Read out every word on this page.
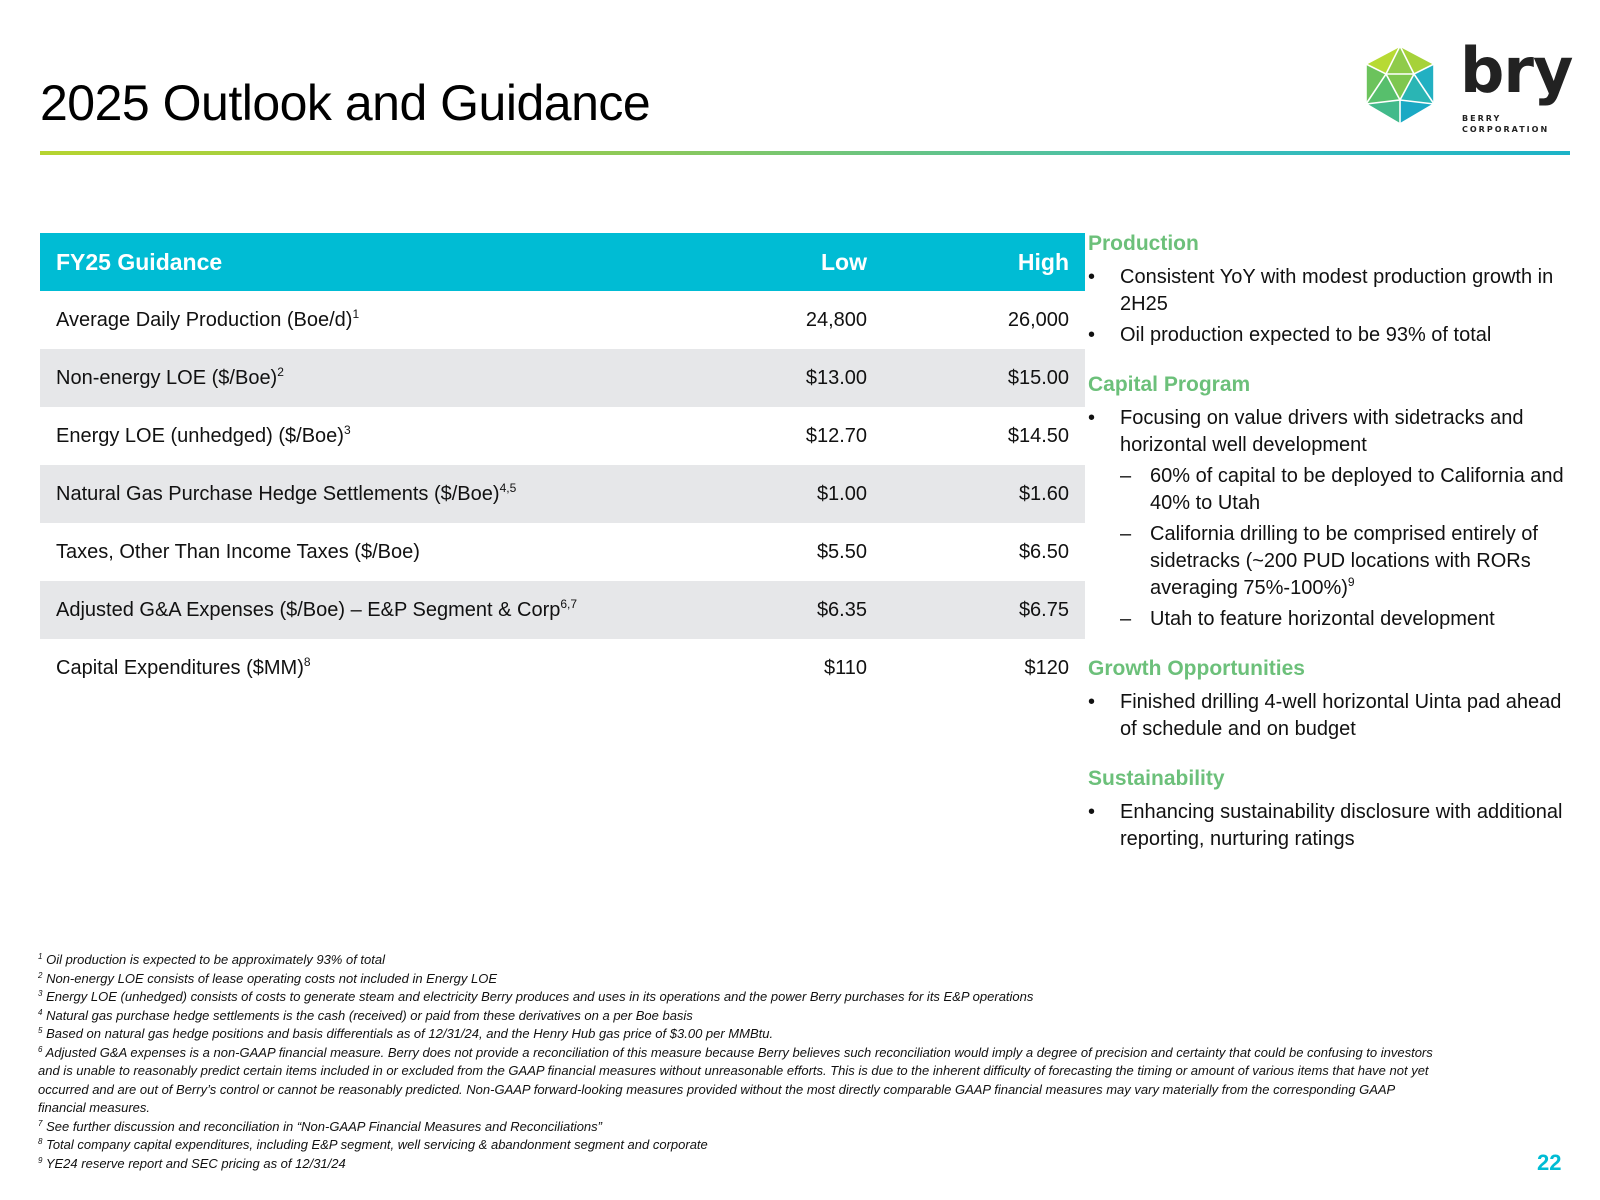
2025 Outlook and Guidance	bry
BERRY
CORPORATION
FY25 Guidance	Low	High
Average Daily Production $(Boe/d)^1$	24,800	26,000
Non-energy LOE ($/Boe)$^2$	$13.00	$15.00
Energy LOE (unhedged) ($/Boe)$^3$	$12.70	$14.50
Natural Gas Purchase Hedge Settlements ($/Boe)$^{4,5}$	$1.00	$1.60
Taxes, Other Than Income Taxes ($/Boe)	$5.50	$6.50
Adjusted G&A Expenses ($/Boe) – E&P Segment & Corp$^{6,7}$	$6.35	$6.75
Capital Expenditures ($MM)$^8$	$110	$120

Production

• Consistent YoY with modest production growth in 2H25
• Oil production expected to be 93% of total

Capital Program

• Focusing on value drivers with sidetracks and horizontal well development
– 60% of capital to be deployed to California and 40% to Utah
– California drilling to be comprised entirely of sidetracks (~200 PUD locations with RORs averaging 75%-100%)$^9$
– Utah to feature horizontal development

Growth Opportunities

• Finished drilling 4-well horizontal Uinta pad ahead of schedule and on budget

Sustainability

• Enhancing sustainability disclosure with additional reporting, nurturing ratings

$^1$ Oil production is expected to be approximately 93% of total

$^2$ Non-energy LOE consists of lease operating costs not included in Energy LOE

$^3$ Energy LOE (unhedged) consists of costs to generate steam and electricity Berry produces and uses in its operations and the power Berry purchases for its E&P operations

$^4$ Natural gas purchase hedge settlements is the cash (received) or paid from these derivatives on a per Boe basis

$^5$ Based on natural gas hedge positions and basis differentials as of 12/31/24, and the Henry Hub gas price of $3.00 per MMBtu.

$^6$ Adjusted G&A expenses is a non-GAAP financial measure. Berry does not provide a reconciliation of this measure because Berry believes such reconciliation would imply a degree of precision and certainty that could be confusing to investors and is unable to reasonably predict certain items included in or excluded from the GAAP financial measures without unreasonable efforts. This is due to the inherent difficulty of forecasting the timing or amount of various items that have not yet occurred and are out of Berry’s control or cannot be reasonably predicted. Non-GAAP forward-looking measures provided without the most directly comparable GAAP financial measures may vary materially from the corresponding GAAP financial measures.

$^7$ See further discussion and reconciliation in “Non-GAAP Financial Measures and Reconciliations”

$^8$ Total company capital expenditures, including E&P segment, well servicing & abandonment segment and corporate

$^9$ YE24 reserve report and SEC pricing as of 12/31/24	22
